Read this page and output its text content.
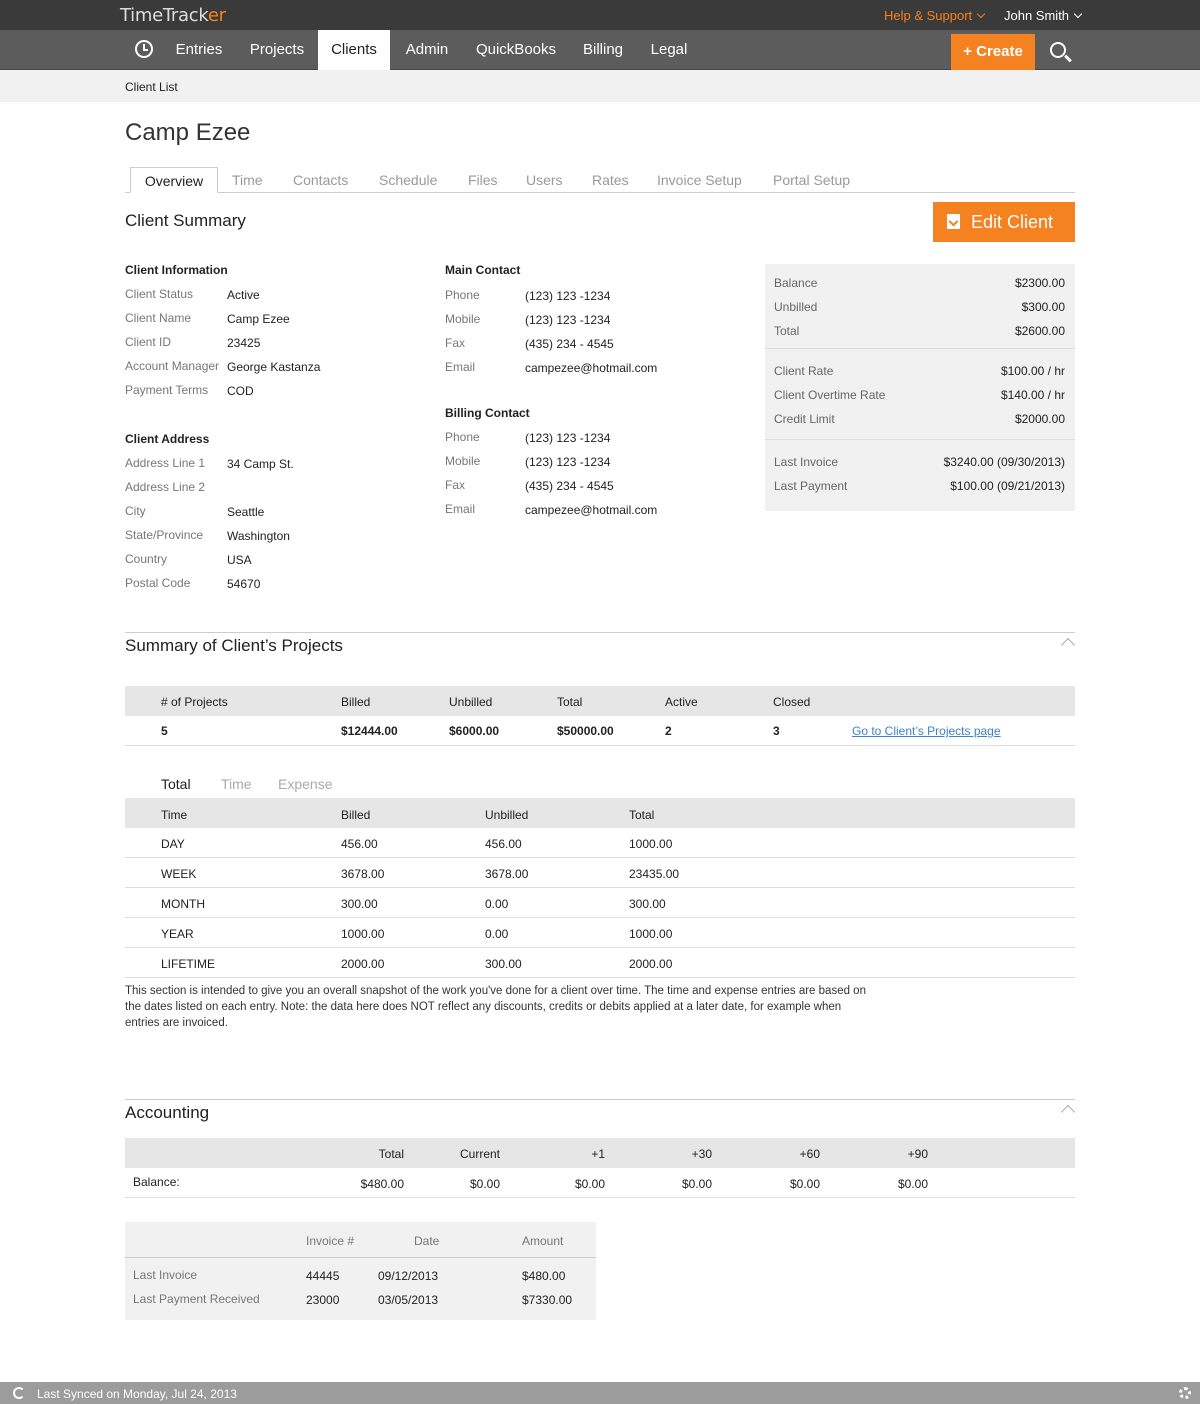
TimeTracker	Help & Support	John Smith
Entries	Projects	Clients	Admin	QuickBooks	Billing	Legal	+ Create
Client List
Camp Ezee
Overview	Time Contacts Schedule Files Users Rates Invoice Setup Portal Setup
Client Summary	Edit Client
Client Information
Client Status	Active
Client Name	Camp Ezee
Client ID	23425
Account Manager George Kastanza
Payment Terms COD
Client Address
Address Line 1 34 Camp St.
Address Line 2
City	Seattle
State/Province Washington
Country	USA
Postal Code	54670
Main Contact
Phone	(123) 123 -1234
Mobile	(123) 123 -1234
Fax	(435) 234 - 4545
Email	campezee@hotmail.com
Billing Contact
Phone	(123) 123 -1234
Mobile	(123) 123 -1234
Fax	(435) 234 - 4545
Email	campezee@hotmail.com
Balance	$2300.00
Unbilled	$300.00
Total	$2600.00
Client Rate	$100.00 / hr
Client Overtime Rate	$140.00 / hr
Credit Limit	$2000.00
Last Invoice	$3240.00 (09/30/2013)
Last Payment	$100.00 (09/21/2013)
Summary of Client’s Projects
# of Projects	Billed	Unbilled	Total	Active	Closed
5	$12444.00	$6000.00	$50000.00	2	3	Go to Client’s Projects page
Total Time Expense
Time	Billed	Unbilled	Total
DAY	456.00	456.00	1000.00
WEEK	3678.00	3678.00	23435.00
MONTH	300.00	0.00	300.00
YEAR	1000.00	0.00	1000.00
LIFETIME	2000.00	300.00	2000.00
This section is intended to give you an overall snapshot of the work you've done for a client over time. The time and expense entries are based on the dates listed on each entry. Note: the data here does NOT reflect any discounts, credits or debits applied at a later date, for example when entries are invoiced.
Accounting
Total	Current	+1	+30	+60	+90
Balance:	$480.00	$0.00	$0.00	$0.00	$0.00	$0.00
Invoice #	Date	Amount
Last Invoice	44445	09/12/2013	$480.00
Last Payment Received	23000	03/05/2013	$7330.00
Last Synced on Monday, Jul 24, 2013
